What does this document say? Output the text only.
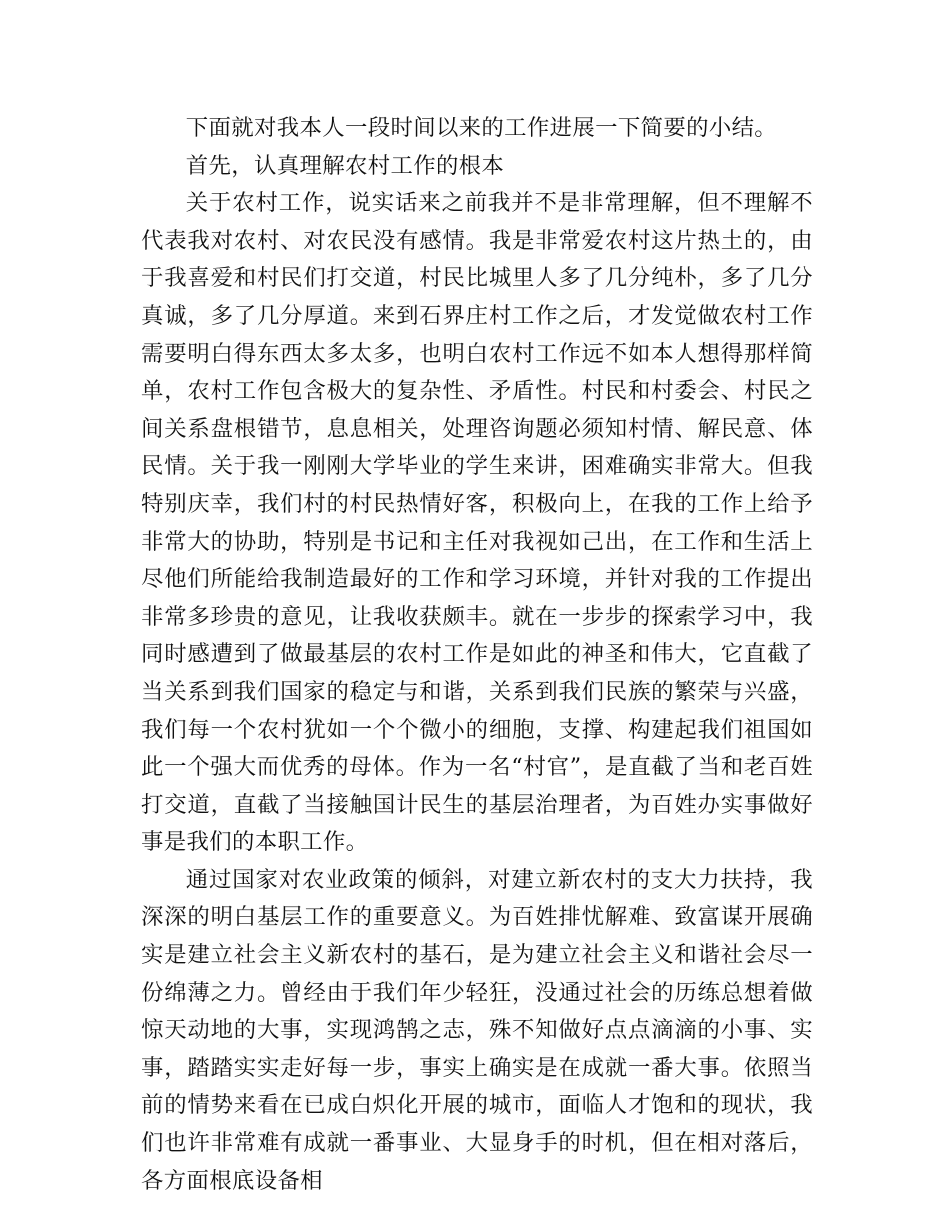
下面就对我本人一段时间以来的工作进展一下简要的小结。

首先，认真理解农村工作的根本

关于农村工作，说实话来之前我并不是非常理解，但不理解不代表我对农村、对农民没有感情。我是非常爱农村这片热土的，由于我喜爱和村民们打交道，村民比城里人多了几分纯朴，多了几分真诚，多了几分厚道。来到石界庄村工作之后，才发觉做农村工作需要明白得东西太多太多，也明白农村工作远不如本人想得那样简单，农村工作包含极大的复杂性、矛盾性。村民和村委会、村民之间关系盘根错节，息息相关，处理咨询题必须知村情、解民意、体民情。关于我一刚刚大学毕业的学生来讲，困难确实非常大。但我特别庆幸，我们村的村民热情好客，积极向上，在我的工作上给予非常大的协助，特别是书记和主任对我视如己出，在工作和生活上尽他们所能给我制造最好的工作和学习环境，并针对我的工作提出非常多珍贵的意见，让我收获颇丰。就在一步步的探索学习中，我同时感遭到了做最基层的农村工作是如此的神圣和伟大，它直截了当关系到我们国家的稳定与和谐，关系到我们民族的繁荣与兴盛，我们每一个农村犹如一个个微小的细胞，支撑、构建起我们祖国如此一个强大而优秀的母体。作为一名“村官”，是直截了当和老百姓打交道，直截了当接触国计民生的基层治理者，为百姓办实事做好事是我们的本职工作。

通过国家对农业政策的倾斜，对建立新农村的支大力扶持，我深深的明白基层工作的重要意义。为百姓排忧解难、致富谋开展确实是建立社会主义新农村的基石，是为建立社会主义和谐社会尽一份绵薄之力。曾经由于我们年少轻狂，没通过社会的历练总想着做惊天动地的大事，实现鸿鹄之志，殊不知做好点点滴滴的小事、实事，踏踏实实走好每一步，事实上确实是在成就一番大事。依照当前的情势来看在已成白炽化开展的城市，面临人才饱和的现状，我们也许非常难有成就一番事业、大显身手的时机，但在相对落后，各方面根底设备相
